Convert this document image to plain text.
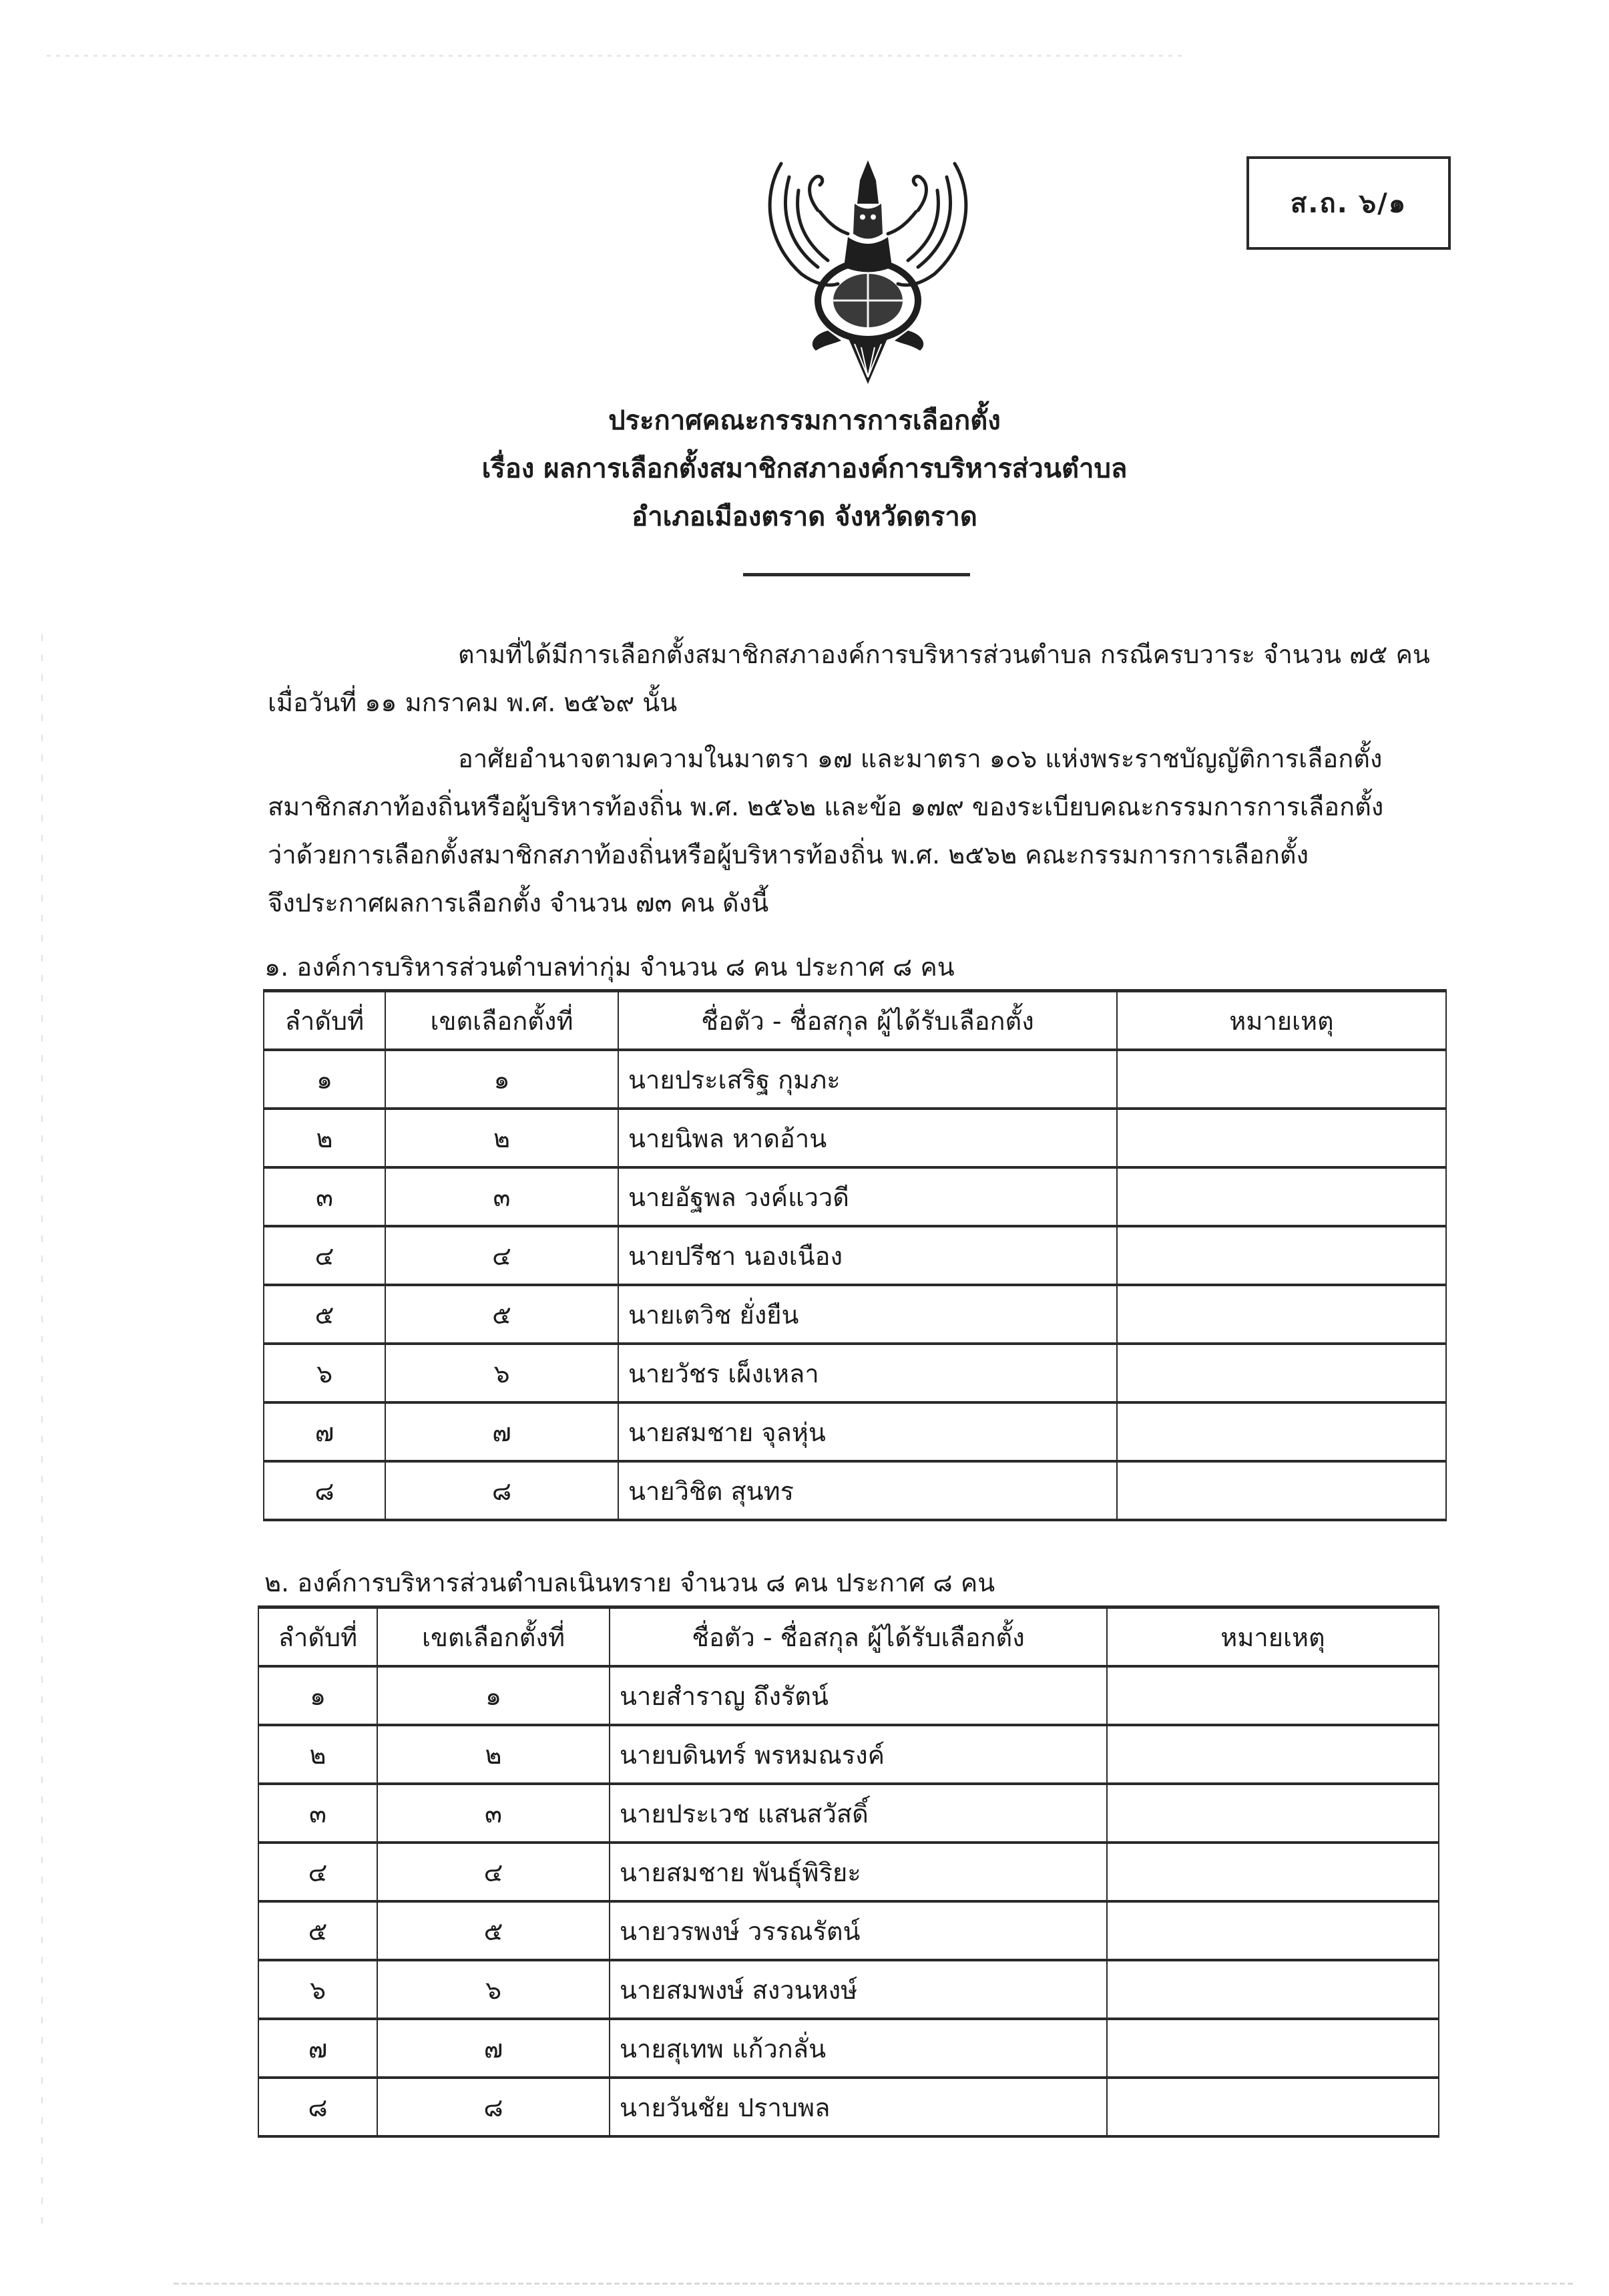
ส.ถ. ๖/๑
ประกาศคณะกรรมการการเลือกตั้ง
เรื่อง ผลการเลือกตั้งสมาชิกสภาองค์การบริหารส่วนตำบล
อำเภอเมืองตราด จังหวัดตราด
ตามที่ได้มีการเลือกตั้งสมาชิกสภาองค์การบริหารส่วนตำบล กรณีครบวาระ จำนวน ๗๕ คน
เมื่อวันที่ ๑๑ มกราคม พ.ศ. ๒๕๖๙ นั้น
อาศัยอำนาจตามความในมาตรา ๑๗ และมาตรา ๑๐๖ แห่งพระราชบัญญัติการเลือกตั้ง
สมาชิกสภาท้องถิ่นหรือผู้บริหารท้องถิ่น พ.ศ. ๒๕๖๒ และข้อ ๑๗๙ ของระเบียบคณะกรรมการการเลือกตั้ง
ว่าด้วยการเลือกตั้งสมาชิกสภาท้องถิ่นหรือผู้บริหารท้องถิ่น พ.ศ. ๒๕๖๒ คณะกรรมการการเลือกตั้ง
จึงประกาศผลการเลือกตั้ง จำนวน ๗๓ คน ดังนี้
๑. องค์การบริหารส่วนตำบลท่ากุ่ม จำนวน ๘ คน ประกาศ ๘ คน
ลำดับที่	เขตเลือกตั้งที่	ชื่อตัว - ชื่อสกุล ผู้ได้รับเลือกตั้ง	หมายเหตุ
๑	๑	นายประเสริฐ กุมภะ	
๒	๒	นายนิพล หาดอ้าน	
๓	๓	นายอัฐพล วงค์แววดี	
๔	๔	นายปรีชา นองเนือง	
๕	๕	นายเตวิช ยั่งยืน	
๖	๖	นายวัชร เผ็งเหลา	
๗	๗	นายสมชาย จุลหุ่น	
๘	๘	นายวิชิต สุนทร	
๒. องค์การบริหารส่วนตำบลเนินทราย จำนวน ๘ คน ประกาศ ๘ คน
ลำดับที่	เขตเลือกตั้งที่	ชื่อตัว - ชื่อสกุล ผู้ได้รับเลือกตั้ง	หมายเหตุ
๑	๑	นายสำราญ ถึงรัตน์	
๒	๒	นายบดินทร์ พรหมณรงค์	
๓	๓	นายประเวช แสนสวัสดิ์	
๔	๔	นายสมชาย พันธุ์พิริยะ	
๕	๕	นายวรพงษ์ วรรณรัตน์	
๖	๖	นายสมพงษ์ สงวนหงษ์	
๗	๗	นายสุเทพ แก้วกลั่น	
๘	๘	นายวันชัย ปราบพล	
